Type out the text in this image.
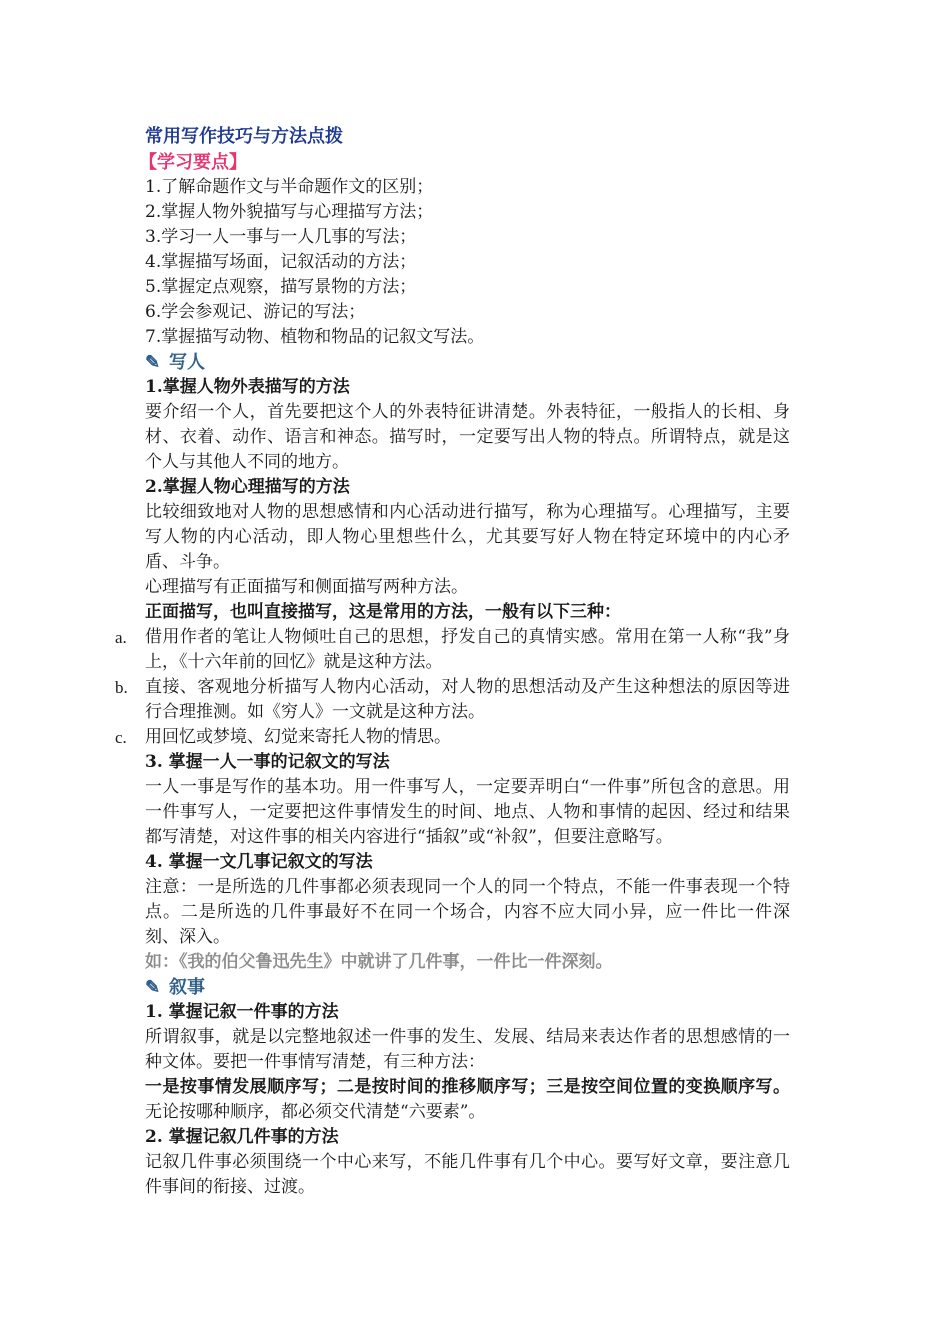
常用写作技巧与方法点拨
【学习要点】
1.了解命题作文与半命题作文的区别；
2.掌握人物外貌描写与心理描写方法；
3.学习一人一事与一人几事的写法；
4.掌握描写场面，记叙活动的方法；
5.掌握定点观察，描写景物的方法；
6.学会参观记、游记的写法；
7.掌握描写动物、植物和物品的记叙文写法。
✎ 写人
1.掌握人物外表描写的方法
要介绍一个人，首先要把这个人的外表特征讲清楚。外表特征，一般指人的长相、身材、衣着、动作、语言和神态。描写时，一定要写出人物的特点。所谓特点，就是这个人与其他人不同的地方。
2.掌握人物心理描写的方法
比较细致地对人物的思想感情和内心活动进行描写，称为心理描写。心理描写，主要写人物的内心活动，即人物心里想些什么，尤其要写好人物在特定环境中的内心矛盾、斗争。
心理描写有正面描写和侧面描写两种方法。
正面描写，也叫直接描写，这是常用的方法，一般有以下三种：
a. 借用作者的笔让人物倾吐自己的思想，抒发自己的真情实感。常用在第一人称“我”身上，《十六年前的回忆》就是这种方法。
b. 直接、客观地分析描写人物内心活动，对人物的思想活动及产生这种想法的原因等进行合理推测。如《穷人》一文就是这种方法。
c. 用回忆或梦境、幻觉来寄托人物的情思。
3. 掌握一人一事的记叙文的写法
一人一事是写作的基本功。用一件事写人，一定要弄明白“一件事”所包含的意思。用一件事写人，一定要把这件事情发生的时间、地点、人物和事情的起因、经过和结果都写清楚，对这件事的相关内容进行“插叙”或“补叙”，但要注意略写。
4. 掌握一文几事记叙文的写法
注意：一是所选的几件事都必须表现同一个人的同一个特点，不能一件事表现一个特点。二是所选的几件事最好不在同一个场合，内容不应大同小异，应一件比一件深刻、深入。
如：《我的伯父鲁迅先生》中就讲了几件事，一件比一件深刻。
✎ 叙事
1. 掌握记叙一件事的方法
所谓叙事，就是以完整地叙述一件事的发生、发展、结局来表达作者的思想感情的一种文体。要把一件事情写清楚，有三种方法：
一是按事情发展顺序写；二是按时间的推移顺序写；三是按空间位置的变换顺序写。无论按哪种顺序，都必须交代清楚“六要素”。
2. 掌握记叙几件事的方法
记叙几件事必须围绕一个中心来写，不能几件事有几个中心。要写好文章，要注意几件事间的衔接、过渡。
